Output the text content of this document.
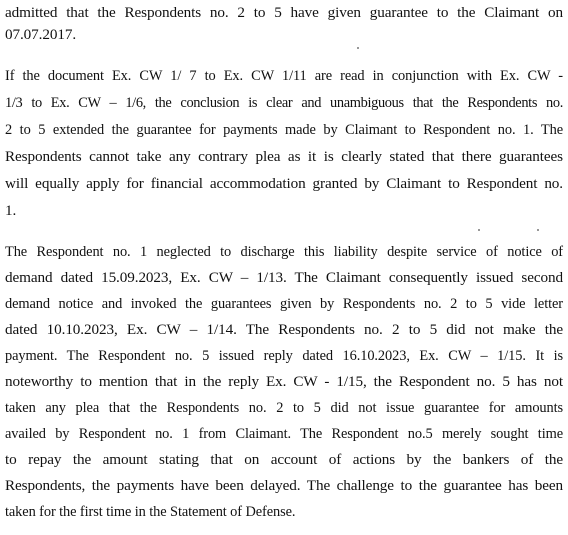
admitted that the Respondents no. 2 to 5 have given guarantee to the Claimant on
07.07.2017.
If the document Ex. CW 1/ 7 to Ex. CW 1/11 are read in conjunction with Ex. CW -
1/3 to Ex. CW – 1/6, the conclusion is clear and unambiguous that the Respondents no.
2 to 5 extended the guarantee for payments made by Claimant to Respondent no. 1. The
Respondents cannot take any contrary plea as it is clearly stated that there guarantees
will equally apply for financial accommodation granted by Claimant to Respondent no.
1.
The Respondent no. 1 neglected to discharge this liability despite service of notice of
demand dated 15.09.2023, Ex. CW – 1/13. The Claimant consequently issued second
demand notice and invoked the guarantees given by Respondents no. 2 to 5 vide letter
dated 10.10.2023, Ex. CW – 1/14. The Respondents no. 2 to 5 did not make the
payment. The Respondent no. 5 issued reply dated 16.10.2023, Ex. CW – 1/15. It is
noteworthy to mention that in the reply Ex. CW - 1/15, the Respondent no. 5 has not
taken any plea that the Respondents no. 2 to 5 did not issue guarantee for amounts
availed by Respondent no. 1 from Claimant. The Respondent no.5 merely sought time
to repay the amount stating that on account of actions by the bankers of the
Respondents, the payments have been delayed. The challenge to the guarantee has been
taken for the first time in the Statement of Defense.
